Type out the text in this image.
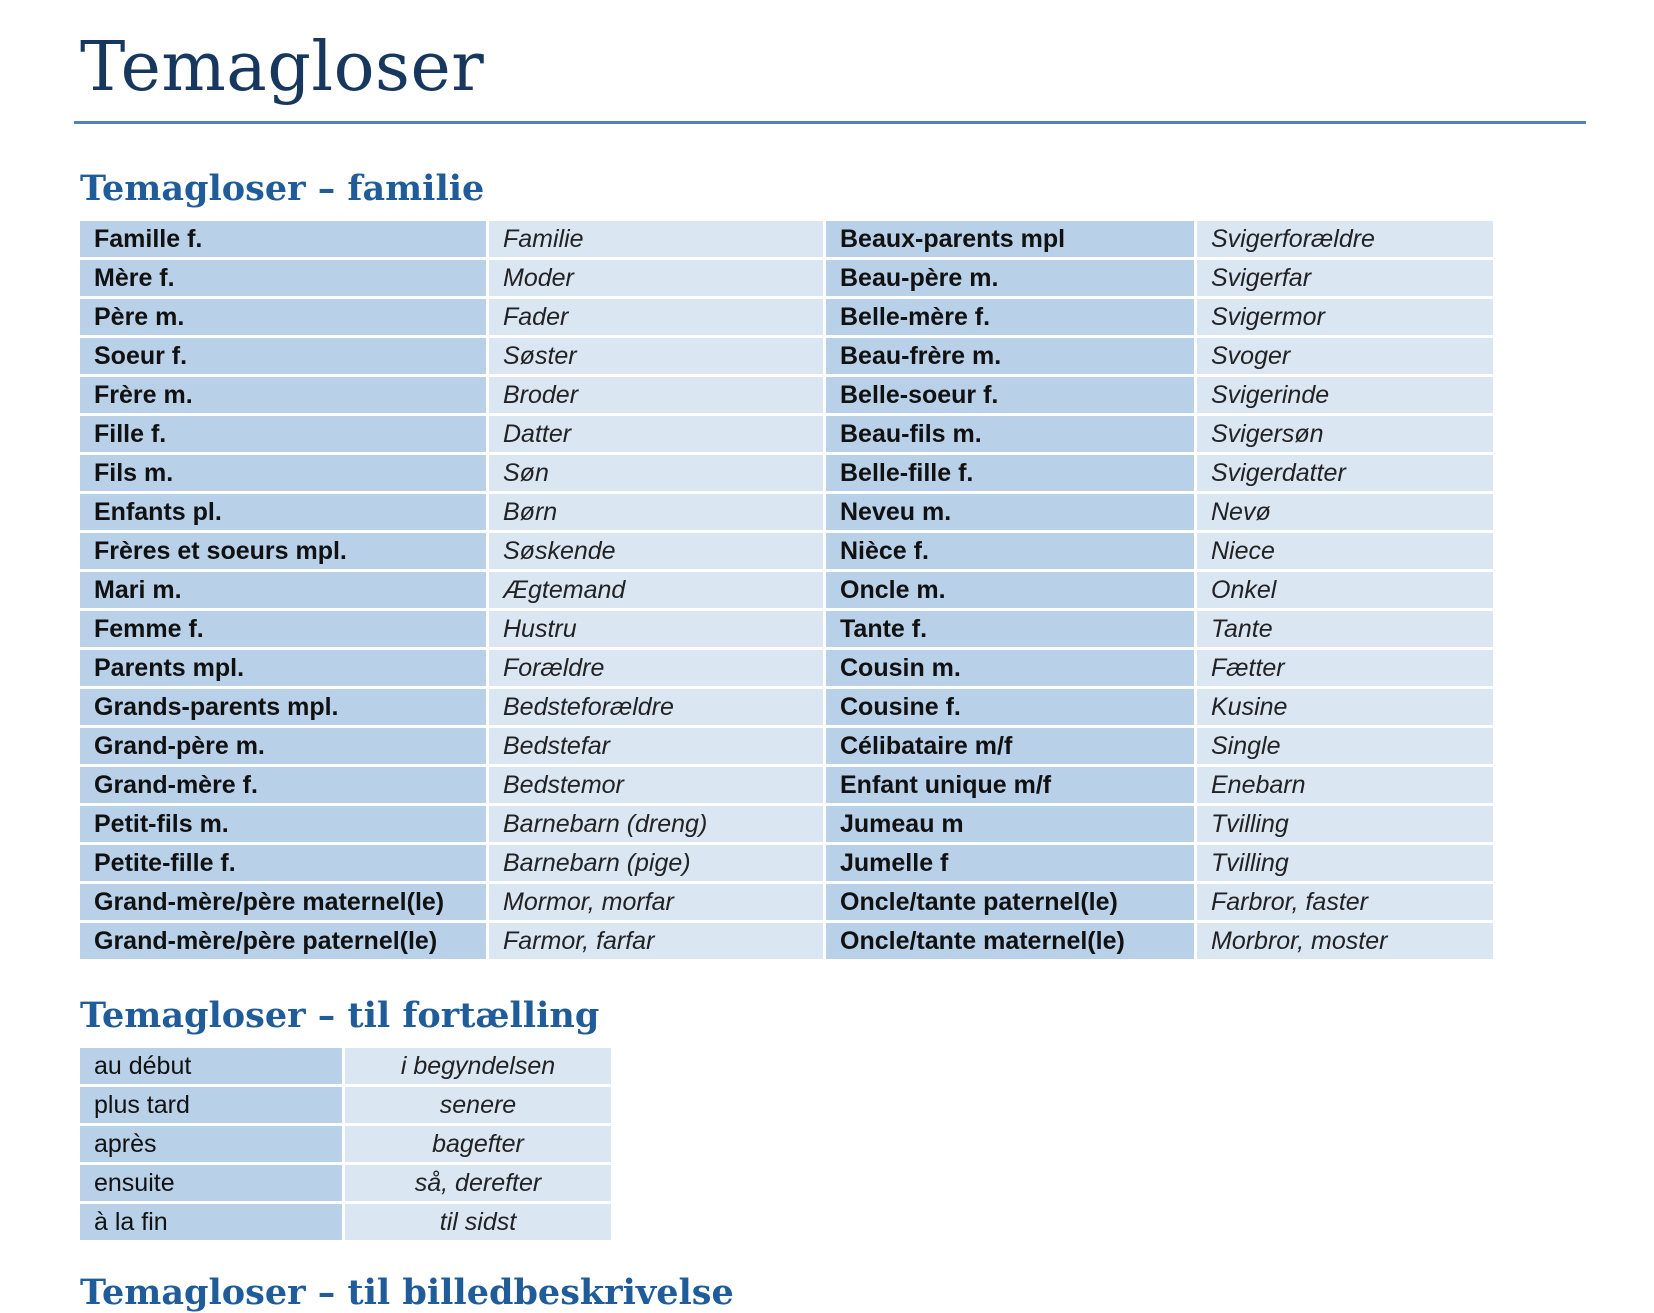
Temagloser
Temagloser – familie
Famille f.	Familie	Beaux-parents mpl	Svigerforældre
Mère f.	Moder	Beau-père m.	Svigerfar
Père m.	Fader	Belle-mère f.	Svigermor
Soeur f.	Søster	Beau-frère m.	Svoger
Frère m.	Broder	Belle-soeur f.	Svigerinde
Fille f.	Datter	Beau-fils m.	Svigersøn
Fils m.	Søn	Belle-fille f.	Svigerdatter
Enfants pl.	Børn	Neveu m.	Nevø
Frères et soeurs mpl.	Søskende	Nièce f.	Niece
Mari m.	Ægtemand	Oncle m.	Onkel
Femme f.	Hustru	Tante f.	Tante
Parents mpl.	Forældre	Cousin m.	Fætter
Grands-parents mpl.	Bedsteforældre	Cousine f.	Kusine
Grand-père m.	Bedstefar	Célibataire m/f	Single
Grand-mère f.	Bedstemor	Enfant unique m/f	Enebarn
Petit-fils m.	Barnebarn (dreng)	Jumeau m	Tvilling
Petite-fille f.	Barnebarn (pige)	Jumelle f	Tvilling
Grand-mère/père maternel(le)	Mormor, morfar	Oncle/tante paternel(le)	Farbror, faster
Grand-mère/père paternel(le)	Farmor, farfar	Oncle/tante maternel(le)	Morbror, moster
Temagloser – til fortælling
au début	i begyndelsen
plus tard	senere
après	bagefter
ensuite	så, derefter
à la fin	til sidst
Temagloser – til billedbeskrivelse
